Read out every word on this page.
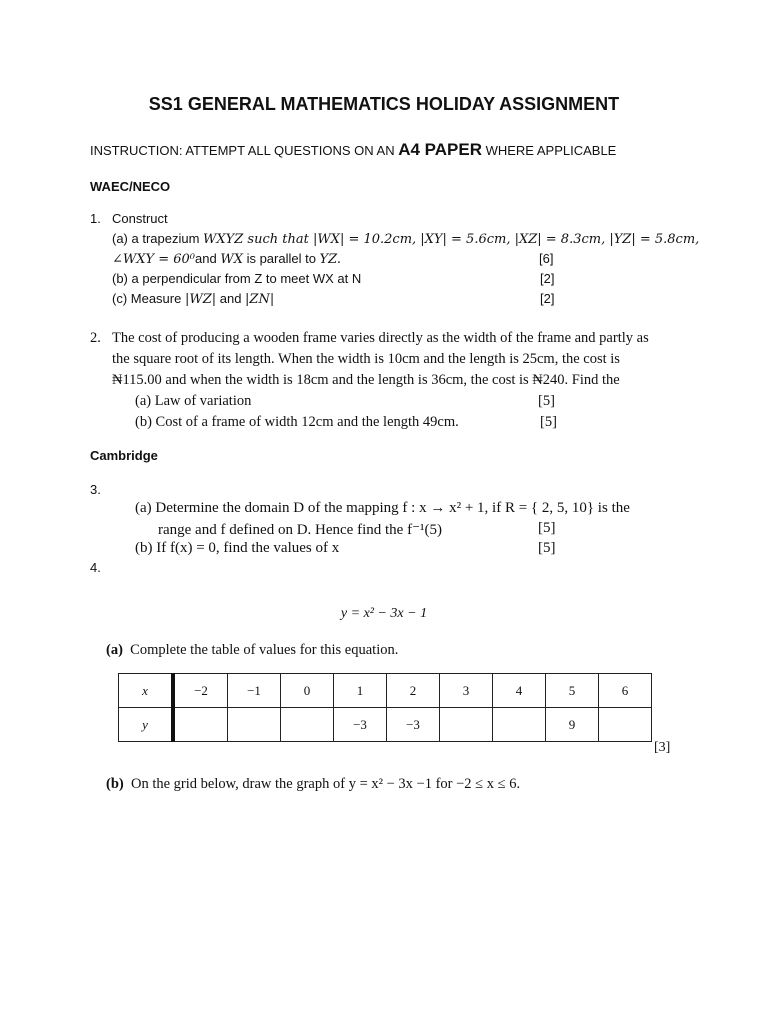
SS1 GENERAL MATHEMATICS HOLIDAY ASSIGNMENT
INSTRUCTION: ATTEMPT ALL QUESTIONS ON AN A4 PAPER WHERE APPLICABLE
WAEC/NECO
1. Construct
(a) a trapezium WXYZ such that |WX| = 10.2cm, |XY| = 5.6cm, |XZ| = 8.3cm, |YZ| = 5.8cm,
∠WXY = 60⁰and WX is parallel to YZ.	[6]
(b) a perpendicular from Z to meet WX at N	[2]
(c) Measure |WZ| and |ZN|	[2]
2. The cost of producing a wooden frame varies directly as the width of the frame and partly as
the square root of its length. When the width is 10cm and the length is 25cm, the cost is
₦115.00 and when the width is 18cm and the length is 36cm, the cost is ₦240. Find the
(a) Law of variation	[5]
(b) Cost of a frame of width 12cm and the length 49cm.	[5]
Cambridge
3.
(a) Determine the domain D of the mapping f : x → x² + 1, if R = { 2, 5, 10} is the
range and f defined on D. Hence find the f⁻¹(5)	[5]
(b) If f(x) = 0, find the values of x	[5]
4.
y = x² − 3x − 1
(a) Complete the table of values for this equation.
x	−2	−1	0	1	2	3	4	5	6
y				−3	−3			9	
[3]
(b) On the grid below, draw the graph of y = x² − 3x −1 for −2 ≤ x ≤ 6.
